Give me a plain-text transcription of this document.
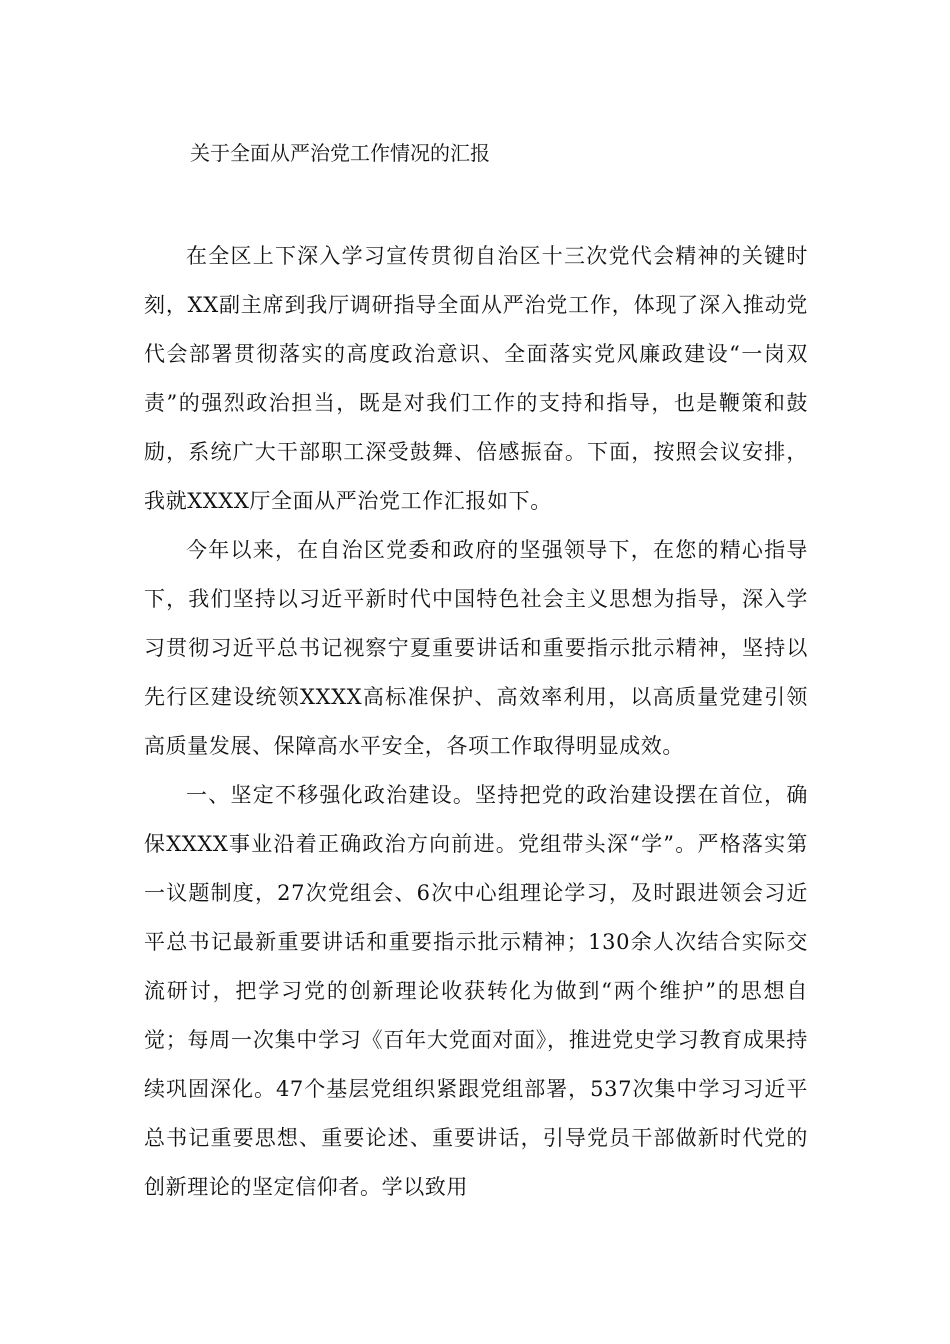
关于全面从严治党工作情况的汇报

在全区上下深入学习宣传贯彻自治区十三次党代会精神的关键时刻，XX副主席到我厅调研指导全面从严治党工作，体现了深入推动党代会部署贯彻落实的高度政治意识、全面落实党风廉政建设“一岗双责”的强烈政治担当，既是对我们工作的支持和指导，也是鞭策和鼓励，系统广大干部职工深受鼓舞、倍感振奋。下面，按照会议安排，我就XXXX厅全面从严治党工作汇报如下。

今年以来，在自治区党委和政府的坚强领导下，在您的精心指导下，我们坚持以习近平新时代中国特色社会主义思想为指导，深入学习贯彻习近平总书记视察宁夏重要讲话和重要指示批示精神，坚持以先行区建设统领XXXX高标准保护、高效率利用，以高质量党建引领高质量发展、保障高水平安全，各项工作取得明显成效。

一、坚定不移强化政治建设。坚持把党的政治建设摆在首位，确保XXXX事业沿着正确政治方向前进。党组带头深“学”。严格落实第一议题制度，27次党组会、6次中心组理论学习，及时跟进领会习近平总书记最新重要讲话和重要指示批示精神；130余人次结合实际交流研讨，把学习党的创新理论收获转化为做到“两个维护”的思想自觉；每周一次集中学习《百年大党面对面》，推进党史学习教育成果持续巩固深化。47个基层党组织紧跟党组部署，537次集中学习习近平总书记重要思想、重要论述、重要讲话，引导党员干部做新时代党的创新理论的坚定信仰者。学以致用
